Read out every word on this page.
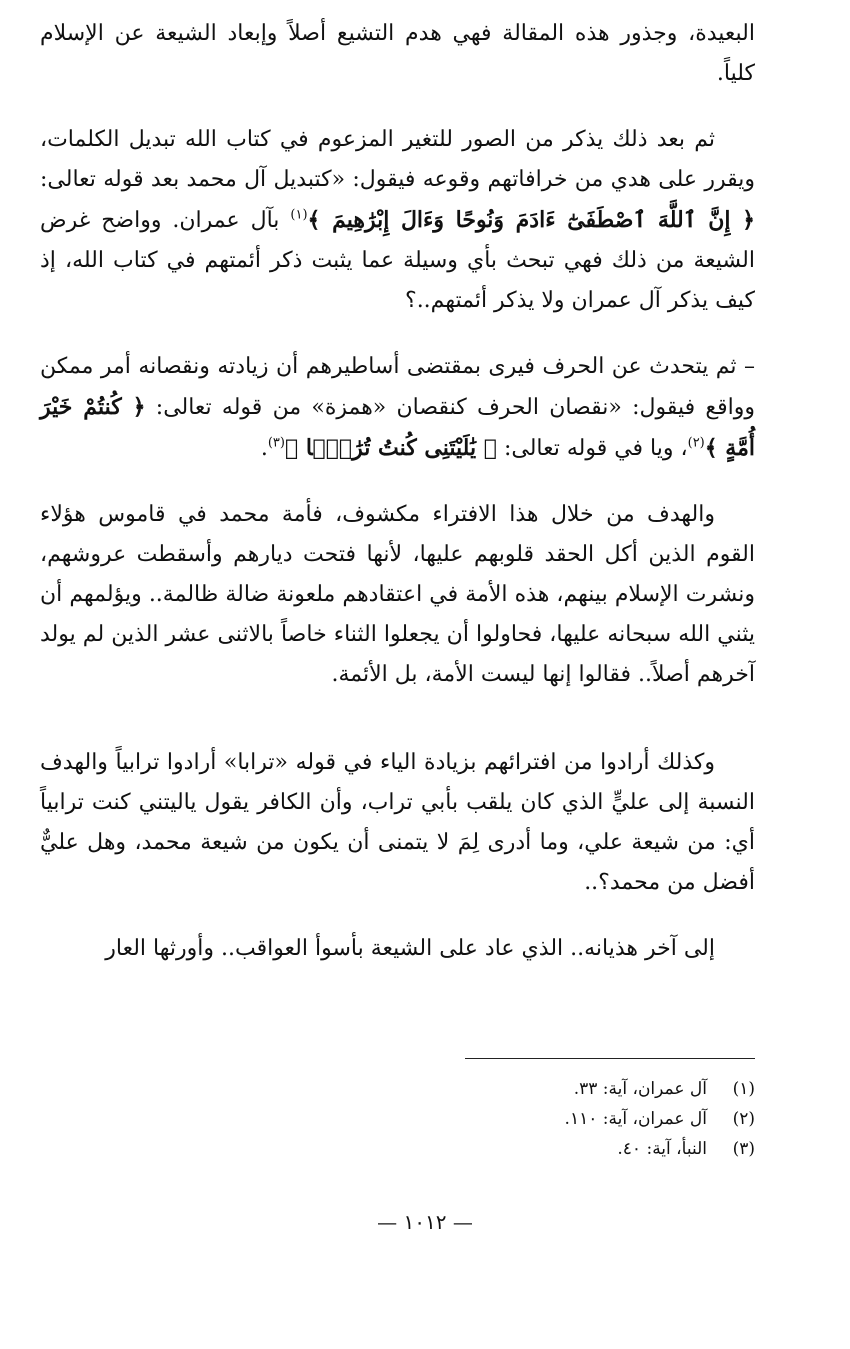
البعيدة، وجذور هذه المقالة فهي هدم التشيع أصلاً وإبعاد الشيعة عن الإسلام كلياً.

ثم بعد ذلك يذكر من الصور للتغير المزعوم في كتاب الله تبديل الكلمات، ويقرر على هدي من خرافاتهم وقوعه فيقول: «كتبديل آل محمد بعد قوله تعالى: ﴿ إِنَّ ٱللَّهَ ٱصْطَفَىٰٓ ءَادَمَ وَنُوحًا وَءَالَ إِبْرَٰهِيمَ ﴾$^{(١)}$ بآل عمران. وواضح غرض الشيعة من ذلك فهي تبحث بأي وسيلة عما يثبت ذكر أئمتهم في كتاب الله، إذ كيف يذكر آل عمران ولا يذكر أئمتهم..؟

– ثم يتحدث عن الحرف فيرى بمقتضى أساطيرهم أن زيادته ونقصانه أمر ممكن وواقع فيقول: «نقصان الحرف كنقصان «همزة» من قوله تعالى: ﴿ كُنتُمْ خَيْرَ أُمَّةٍ ﴾$^{(٢)}$، ويا في قوله تعالى: ﴿ يَٰلَيْتَنِى كُنتُ تُرَٰبًۢا ﴾$^{(٣)}$.

والهدف من خلال هذا الافتراء مكشوف، فأمة محمد في قاموس هؤلاء القوم الذين أكل الحقد قلوبهم عليها، لأنها فتحت ديارهم وأسقطت عروشهم، ونشرت الإسلام بينهم، هذه الأمة في اعتقادهم ملعونة ضالة ظالمة.. ويؤلمهم أن يثني الله سبحانه عليها، فحاولوا أن يجعلوا الثناء خاصاً بالاثنى عشر الذين لم يولد آخرهم أصلاً.. فقالوا إنها ليست الأمة، بل الأئمة.

وكذلك أرادوا من افترائهم بزيادة الياء في قوله «ترابا» أرادوا ترابياً والهدف النسبة إلى عليٍّ الذي كان يلقب بأبي تراب، وأن الكافر يقول ياليتني كنت ترابياً أي: من شيعة علي، وما أدرى لِمَ لا يتمنى أن يكون من شيعة محمد، وهل عليٌّ أفضل من محمد؟..

إلى آخر هذيانه.. الذي عاد على الشيعة بأسوأ العواقب.. وأورثها العار

(١)
آل عمران، آية: ٣٣.
(٢)
آل عمران، آية: ١١٠.
(٣)
النبأ، آية: ٤٠.
— ١٠١٢ —
